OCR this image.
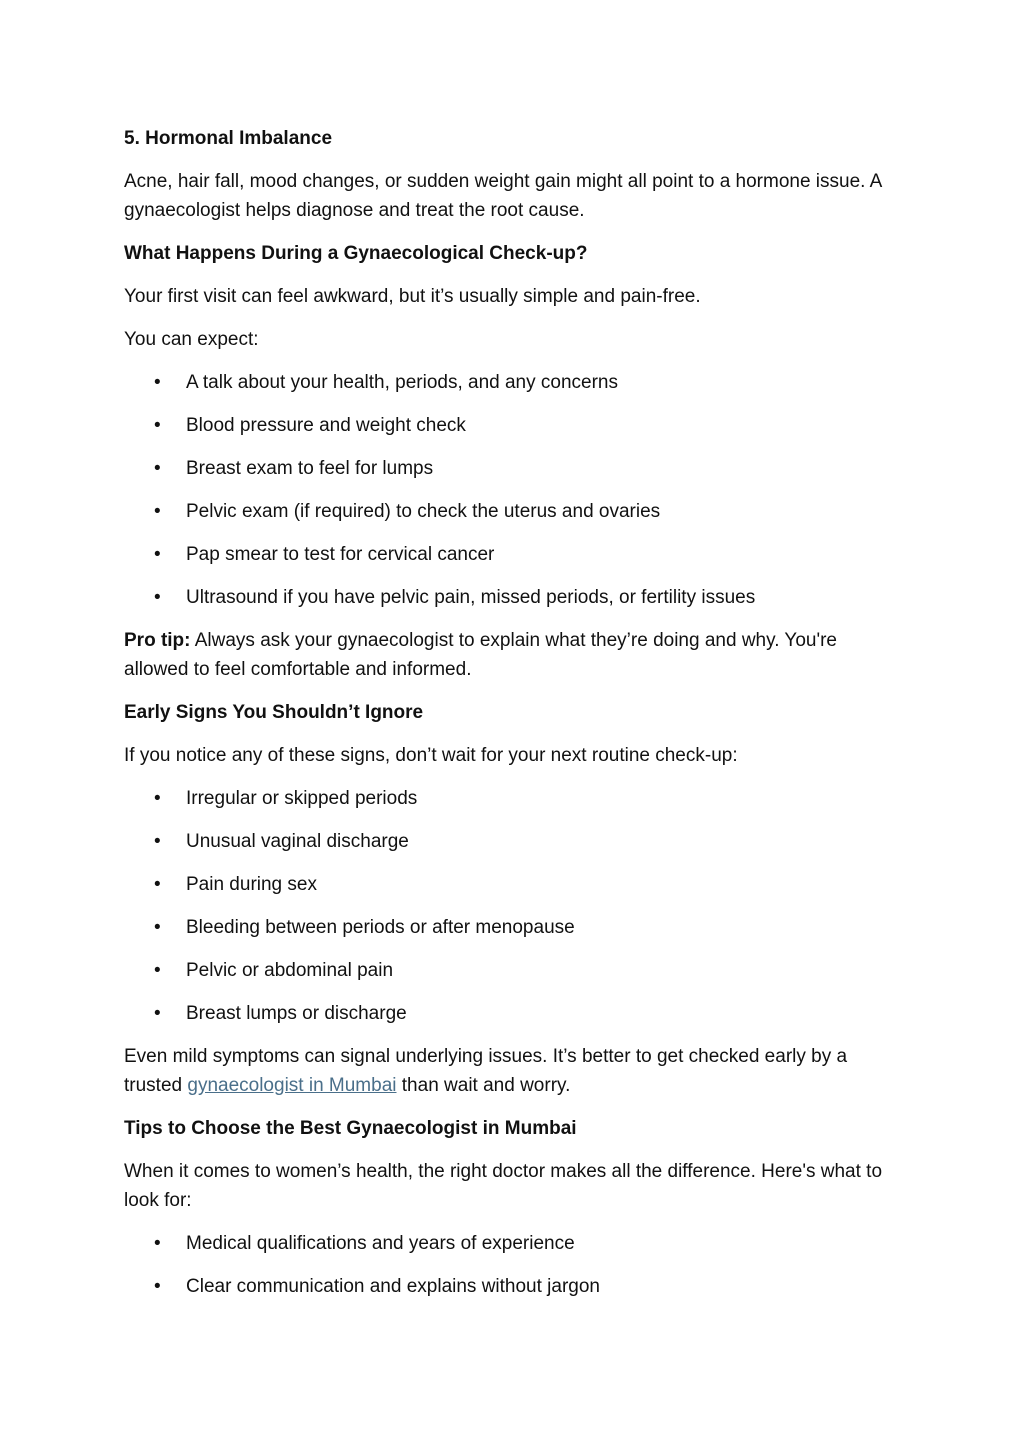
5. Hormonal Imbalance
Acne, hair fall, mood changes, or sudden weight gain might all point to a hormone issue. A gynaecologist helps diagnose and treat the root cause.
What Happens During a Gynaecological Check-up?
Your first visit can feel awkward, but it’s usually simple and pain-free.
You can expect:
• A talk about your health, periods, and any concerns
• Blood pressure and weight check
• Breast exam to feel for lumps
• Pelvic exam (if required) to check the uterus and ovaries
• Pap smear to test for cervical cancer
• Ultrasound if you have pelvic pain, missed periods, or fertility issues
Pro tip: Always ask your gynaecologist to explain what they’re doing and why. You're allowed to feel comfortable and informed.
Early Signs You Shouldn’t Ignore
If you notice any of these signs, don’t wait for your next routine check-up:
• Irregular or skipped periods
• Unusual vaginal discharge
• Pain during sex
• Bleeding between periods or after menopause
• Pelvic or abdominal pain
• Breast lumps or discharge
Even mild symptoms can signal underlying issues. It’s better to get checked early by a trusted gynaecologist in Mumbai than wait and worry.
Tips to Choose the Best Gynaecologist in Mumbai
When it comes to women’s health, the right doctor makes all the difference. Here's what to look for:
• Medical qualifications and years of experience
• Clear communication and explains without jargon
